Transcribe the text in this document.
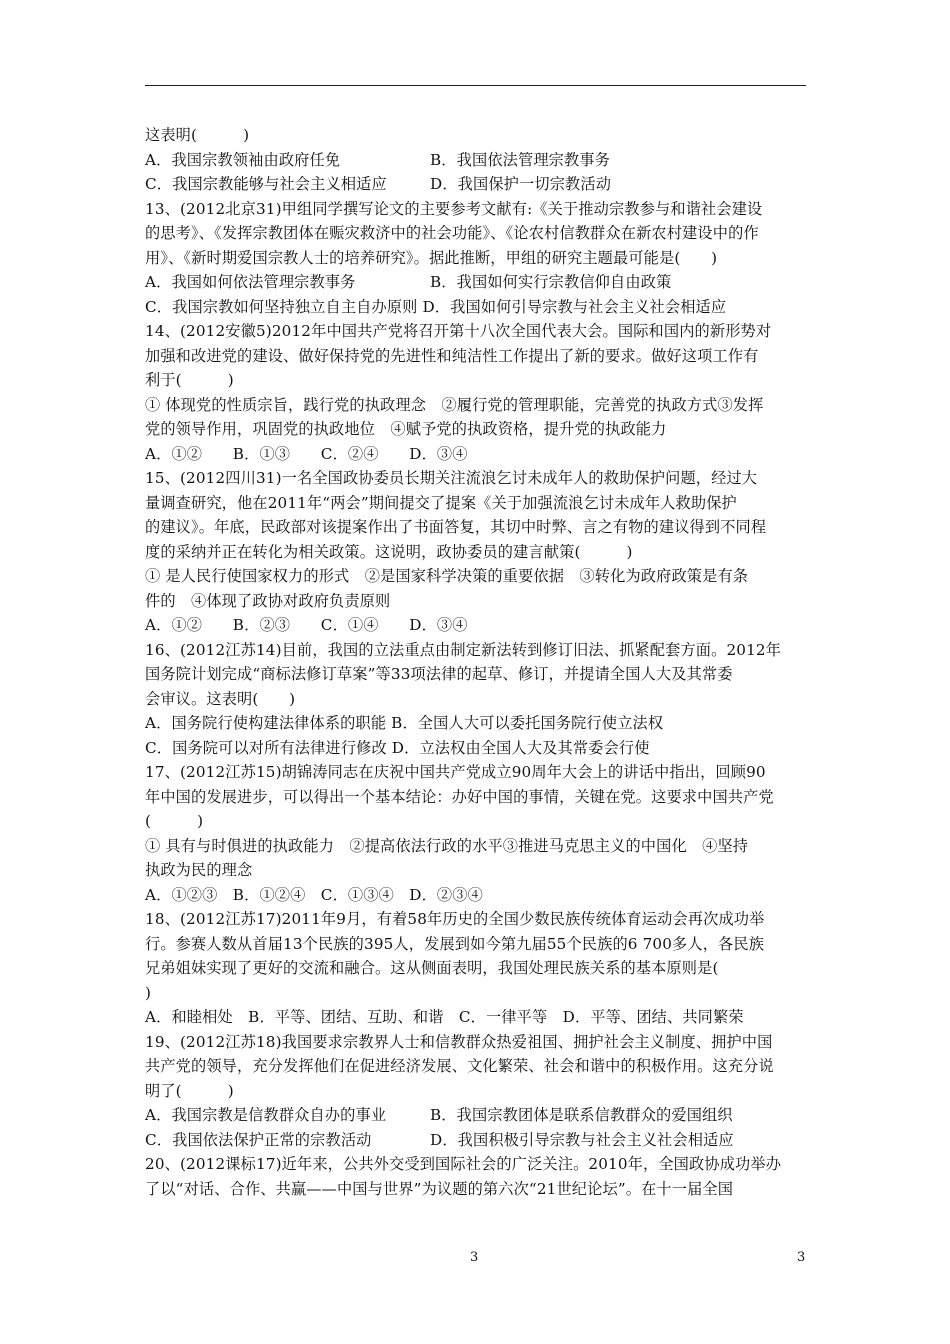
这表明(　　　)
A．我国宗教领袖由政府任免	B．我国依法管理宗教事务
C．我国宗教能够与社会主义相适应	D．我国保护一切宗教活动
13、(2012北京31)甲组同学撰写论文的主要参考文献有:《关于推动宗教参与和谐社会建设
的思考》、《发挥宗教团体在赈灾救济中的社会功能》、《论农村信教群众在新农村建设中的作
用》、《新时期爱国宗教人士的培养研究》。据此推断，甲组的研究主题最可能是(　　)
A．我国如何依法管理宗教事务	B．我国如何实行宗教信仰自由政策
C．我国宗教如何坚持独立自主自办原则 D．我国如何引导宗教与社会主义社会相适应
14、(2012安徽5)2012年中国共产党将召开第十八次全国代表大会。国际和国内的新形势对
加强和改进党的建设、做好保持党的先进性和纯洁性工作提出了新的要求。做好这项工作有
利于(　　　)
① 体现党的性质宗旨，践行党的执政理念　②履行党的管理职能，完善党的执政方式③发挥
党的领导作用，巩固党的执政地位　④赋予党的执政资格，提升党的执政能力
A．①②　　B．①③　　C．②④　　D．③④
15、(2012四川31)一名全国政协委员长期关注流浪乞讨未成年人的救助保护问题，经过大
量调查研究，他在2011年“两会”期间提交了提案《关于加强流浪乞讨未成年人救助保护
的建议》。年底，民政部对该提案作出了书面答复，其切中时弊、言之有物的建议得到不同程
度的采纳并正在转化为相关政策。这说明，政协委员的建言献策(　　　)
① 是人民行使国家权力的形式　②是国家科学决策的重要依据　③转化为政府政策是有条
件的　④体现了政协对政府负责原则
A．①②　　B．②③　　C．①④　　D．③④
16、(2012江苏14)目前，我国的立法重点由制定新法转到修订旧法、抓紧配套方面。2012年
国务院计划完成“商标法修订草案”等33项法律的起草、修订，并提请全国人大及其常委
会审议。这表明(　　)
A．国务院行使构建法律体系的职能 B．全国人大可以委托国务院行使立法权
C．国务院可以对所有法律进行修改 D．立法权由全国人大及其常委会行使
17、(2012江苏15)胡锦涛同志在庆祝中国共产党成立90周年大会上的讲话中指出，回顾90
年中国的发展进步，可以得出一个基本结论：办好中国的事情，关键在党。这要求中国共产党
(　　　)
① 具有与时俱进的执政能力　②提高依法行政的水平③推进马克思主义的中国化　④坚持
执政为民的理念
A．①②③　B．①②④　C．①③④　D．②③④
18、(2012江苏17)2011年9月，有着58年历史的全国少数民族传统体育运动会再次成功举
行。参赛人数从首届13个民族的395人，发展到如今第九届55个民族的6 700多人，各民族
兄弟姐妹实现了更好的交流和融合。这从侧面表明，我国处理民族关系的基本原则是(
)
A．和睦相处　B．平等、团结、互助、和谐　C．一律平等　D．平等、团结、共同繁荣
19、(2012江苏18)我国要求宗教界人士和信教群众热爱祖国、拥护社会主义制度、拥护中国
共产党的领导，充分发挥他们在促进经济发展、文化繁荣、社会和谐中的积极作用。这充分说
明了(　　　)
A．我国宗教是信教群众自办的事业	B．我国宗教团体是联系信教群众的爱国组织
C．我国依法保护正常的宗教活动	D．我国积极引导宗教与社会主义社会相适应
20、(2012课标17)近年来，公共外交受到国际社会的广泛关注。2010年，全国政协成功举办
了以“对话、合作、共赢——中国与世界”为议题的第六次“21世纪论坛”。在十一届全国
3	3
